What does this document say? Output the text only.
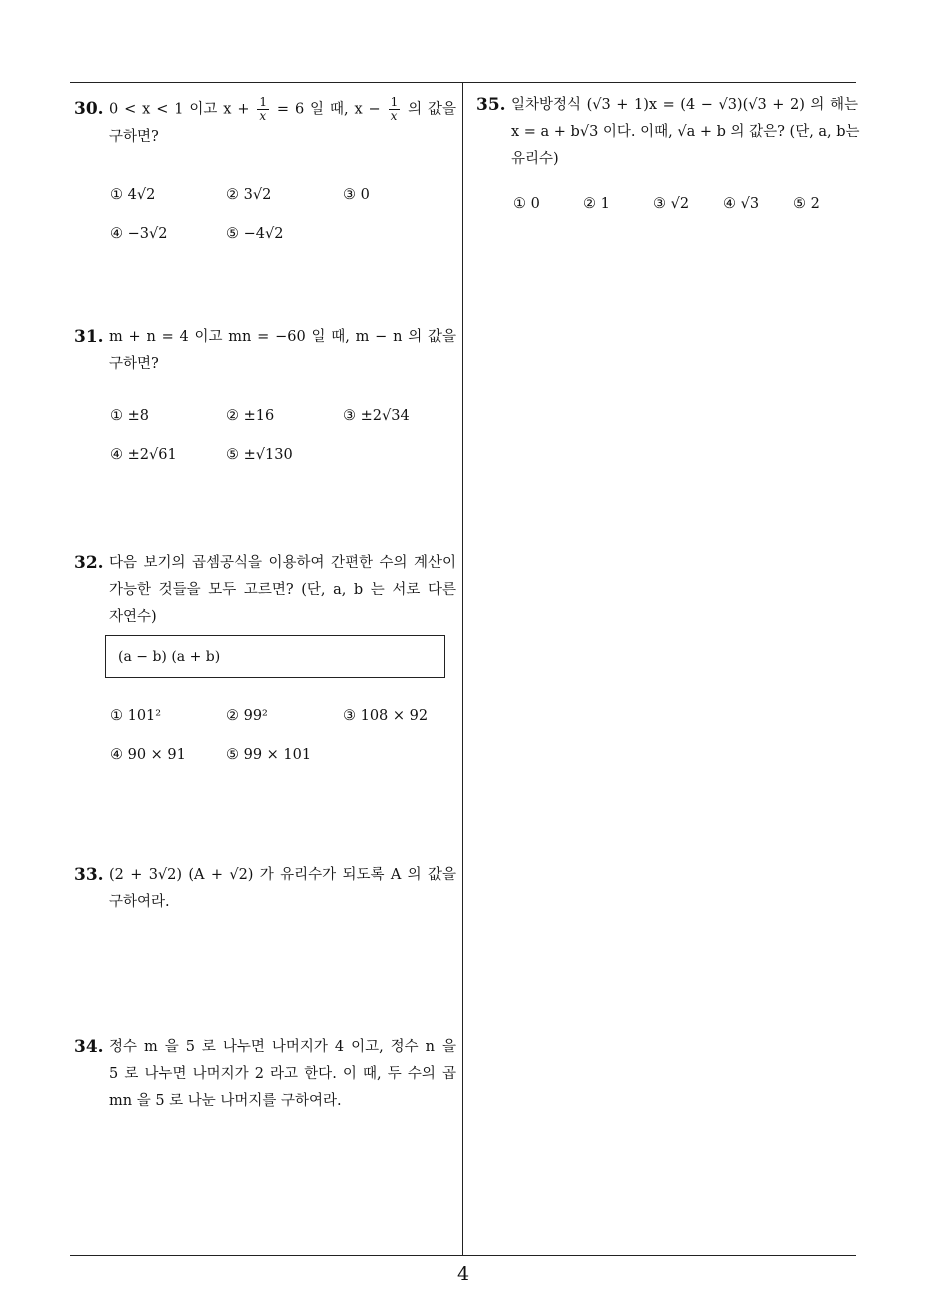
30. 0 < x < 1 이고 $x + \frac{1}{x} = 6$ 일 때, $x - \frac{1}{x}$ 의 값을
구하면?
① 4√2	② 3√2	③ 0
④ −3√2	⑤ −4√2
31. m + n = 4 이고 mn = −60 일 때, m − n 의 값을
구하면?
① ±8	② ±16	③ ±2√34
④ ±2√61	⑤ ±√130
32. 다음 보기의 곱셈공식을 이용하여 간편한 수의 계산이
가능한 것들을 모두 고르면? (단, a, b 는 서로 다른
자연수)
(a − b) (a + b)
① 101²	② 99²	③ 108 × 92
④ 90 × 91	⑤ 99 × 101
33. (2 + 3√2) (A + √2) 가 유리수가 되도록 A 의 값을
구하여라.
34. 정수 m 을 5 로 나누면 나머지가 4 이고, 정수 n 을
5 로 나누면 나머지가 2 라고 한다. 이 때, 두 수의 곱
mn 을 5 로 나눈 나머지를 구하여라.
35. 일차방정식 (√3 + 1)x = (4 − √3)(√3 + 2) 의 해는
x = a + b√3 이다. 이때, √a + b 의 값은? (단, a, b는
유리수)
① 0	② 1	③ √2 ④ √3 ⑤ 2
4
